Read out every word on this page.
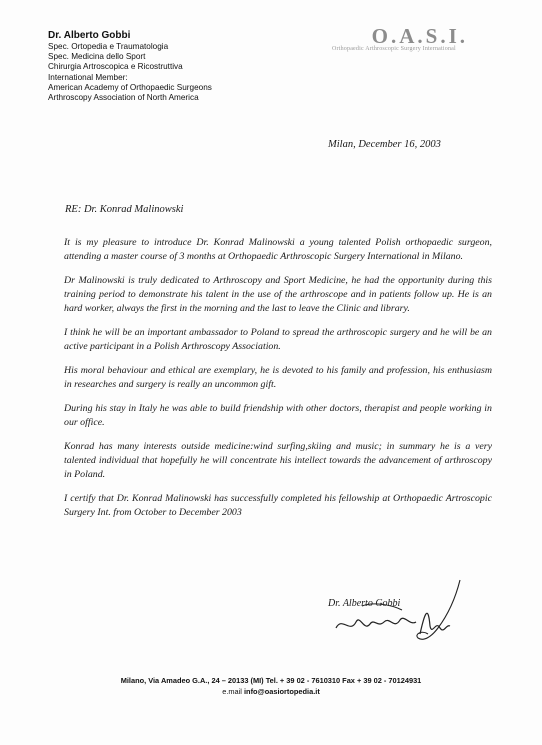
Dr. Alberto Gobbi
Spec. Ortopedia e Traumatologia
Spec. Medicina dello Sport
Chirurgia Artroscopica e Ricostruttiva
International Member:
American Academy of Orthopaedic Surgeons
Arthroscopy Association of North America
O.A.S.I.
Orthopaedic Arthroscopic Surgery International
Milan, December 16, 2003
RE: Dr. Konrad Malinowski

It is my pleasure to introduce Dr. Konrad Malinowski a young talented Polish orthopaedic surgeon, attending a master course of 3 months at Orthopaedic Arthroscopic Surgery International in Milano.

Dr Malinowski is truly dedicated to Arthroscopy and Sport Medicine, he had the opportunity during this training period to demonstrate his talent in the use of the arthroscope and in patients follow up. He is an hard worker, always the first in the morning and the last to leave the Clinic and library.

I think he will be an important ambassador to Poland to spread the arthroscopic surgery and he will be an active participant in a Polish Arthroscopy Association.

His moral behaviour and ethical are exemplary, he is devoted to his family and profession, his enthusiasm in researches and surgery is really an uncommon gift.

During his stay in Italy he was able to build friendship with other doctors, therapist and people working in our office.

Konrad has many interests outside medicine:wind surfing,skiing and music; in summary he is a very talented individual that hopefully he will concentrate his intellect towards the advancement of arthroscopy in Poland.

I certify that Dr. Konrad Malinowski has successfully completed his fellowship at Orthopaedic Artroscopic Surgery Int. from October to December 2003

Dr. Alberto Gobbi
Milano, Via Amadeo G.A., 24 – 20133 (MI) Tel. + 39 02 - 7610310 Fax + 39 02 - 70124931
e.mail info@oasiortopedia.it
